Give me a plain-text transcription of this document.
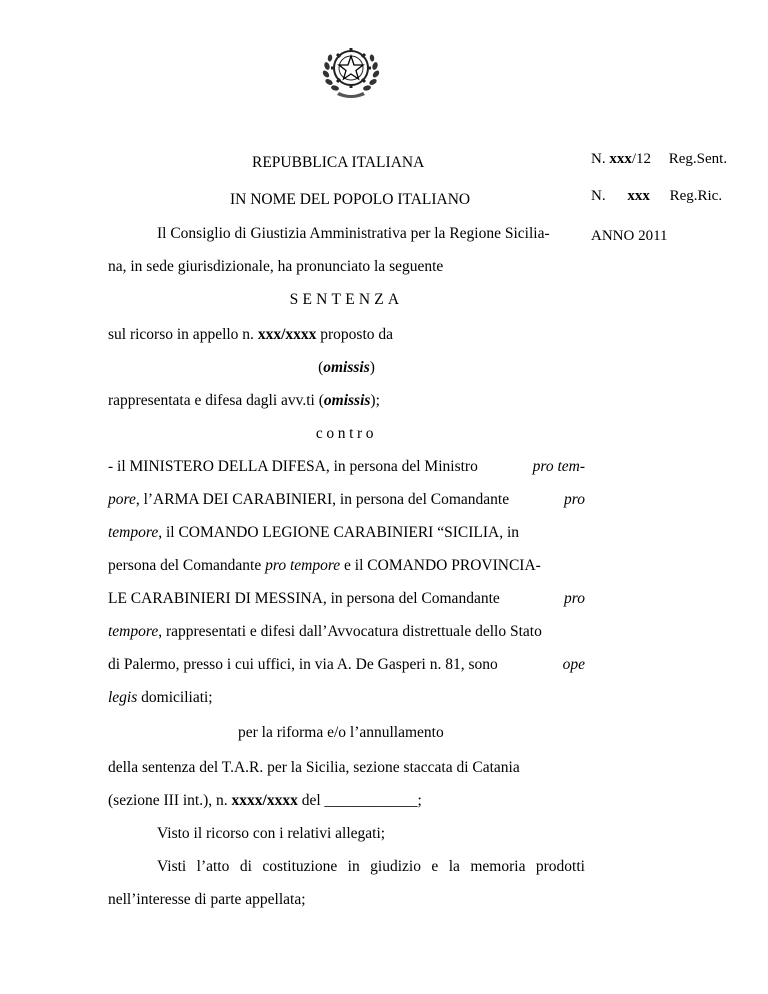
REPUBBLICA ITALIANA
IN NOME DEL POPOLO ITALIANO
N. xxx/12 Reg.Sent.
N. xxx Reg.Ric.
ANNO 2011
Il Consiglio di Giustizia Amministrativa per la Regione Sicilia-
na, in sede giurisdizionale, ha pronunciato la seguente
SENTENZA
sul ricorso in appello n. xxx/xxxx proposto da
(omissis)
rappresentata e difesa dagli avv.ti (omissis);
contro
- il MINISTERO DELLA DIFESA, in persona del Ministro	pro tem-
pore, l’ARMA DEI CARABINIERI, in persona del Comandante	pro
tempore, il COMANDO LEGIONE CARABINIERI “SICILIA, in
persona del Comandante pro tempore e il COMANDO PROVINCIA-
LE CARABINIERI DI MESSINA, in persona del Comandante	pro
tempore, rappresentati e difesi dall’Avvocatura distrettuale dello Stato
di Palermo, presso i cui uffici, in via A. De Gasperi n. 81, sono	ope
legis domiciliati;
per la riforma e/o l’annullamento
della sentenza del T.A.R. per la Sicilia, sezione staccata di Catania
(sezione III int.), n. xxxx/xxxx del ____________;
Visto il ricorso con i relativi allegati;
Visti l’atto di costituzione in giudizio e la memoria prodotti
nell’interesse di parte appellata;
